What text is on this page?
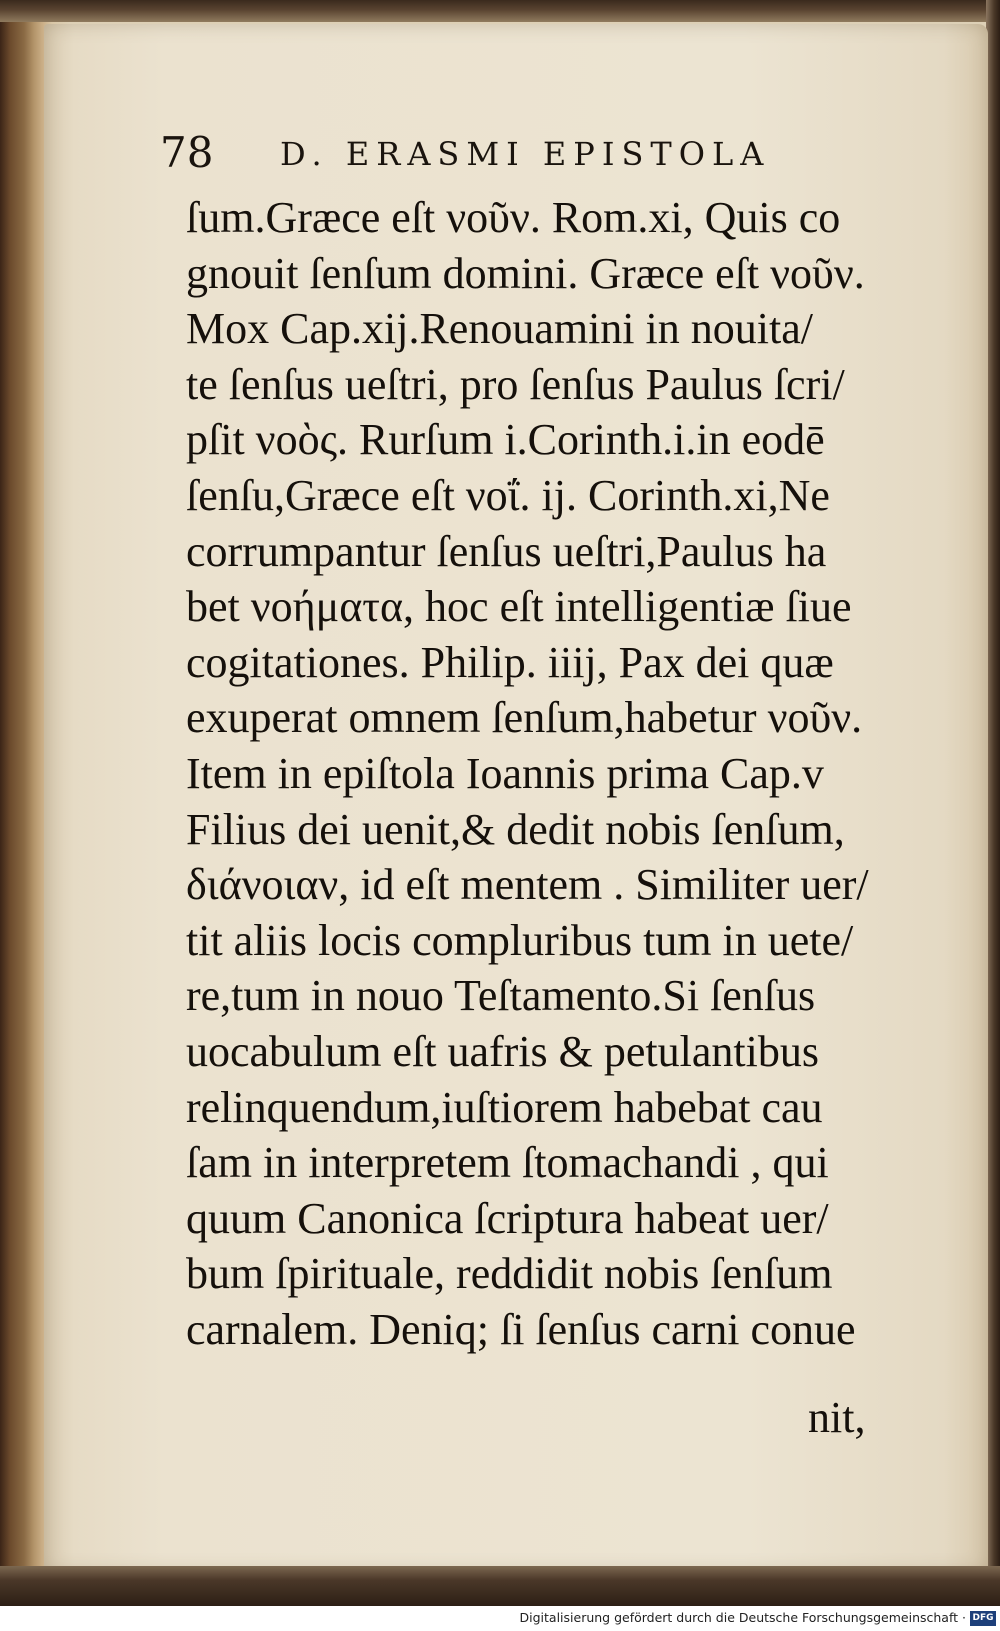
78 D. ERASMI EPISTOLA
ſum.Græce eſt νοῦν. Rom.xi, Quis co
gnouit ſenſum domini. Græce eſt νοῦν.
Mox Cap.xij.Renouamini in nouita/
te ſenſus ueſtri, pro ſenſus Paulus ſcri/
pſit νοὸς. Rurſum i.Corinth.i.in eodē
ſenſu,Græce eſt νοΐ. ij. Corinth.xi,Ne
corrumpantur ſenſus ueſtri,Paulus ha
bet νοήματα, hoc eſt intelligentiæ ſiue
cogitationes. Philip. iiij, Pax dei quæ
exuperat omnem ſenſum,habetur νοῦν.
Item in epiſtola Ioannis prima Cap.v
Filius dei uenit,& dedit nobis ſenſum,
διάνοιαν, id eſt mentem . Similiter uer/
tit aliis locis compluribus tum in uete/
re,tum in nouo Teſtamento.Si ſenſus
uocabulum eſt uafris & petulantibus
relinquendum,iuſtiorem habebat cau
ſam in interpretem ſtomachandi , qui
quum Canonica ſcriptura habeat uer/
bum ſpirituale, reddidit nobis ſenſum
carnalem. Deniq; ſi ſenſus carni conue
nit,
Digitalisierung gefördert durch die Deutsche Forschungsgemeinschaft · DFG
